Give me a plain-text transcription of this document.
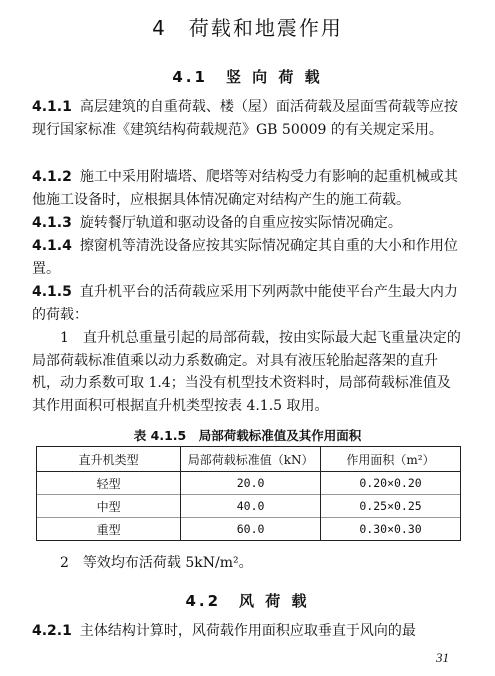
4　 荷载和地震作用
4.1　竖 向 荷 载
4.1.1 高层建筑的自重荷载、楼（屋）面活荷载及屋面雪荷载等应按现行国家标准《建筑结构荷载规范》GB 50009 的有关规定采用。
4.1.2 施工中采用附墙塔、爬塔等对结构受力有影响的起重机械或其他施工设备时，应根据具体情况确定对结构产生的施工荷载。
4.1.3 旋转餐厅轨道和驱动设备的自重应按实际情况确定。
4.1.4 擦窗机等清洗设备应按其实际情况确定其自重的大小和作用位置。
4.1.5 直升机平台的活荷载应采用下列两款中能使平台产生最大内力的荷载：
1　直升机总重量引起的局部荷载，按由实际最大起飞重量决定的局部荷载标准值乘以动力系数确定。对具有液压轮胎起落架的直升机，动力系数可取 1.4；当没有机型技术资料时，局部荷载标准值及其作用面积可根据直升机类型按表 4.1.5 取用。
表 4.1.5　局部荷载标准值及其作用面积
直升机类型	局部荷载标准值（kN）	作用面积（m²）
轻型	20.0	0.20×0.20
中型	40.0	0.25×0.25
重型	60.0	0.30×0.30
2　等效均布活荷载 5kN/m²。
4.2　风 荷 载
4.2.1 主体结构计算时，风荷载作用面积应取垂直于风向的最
31
